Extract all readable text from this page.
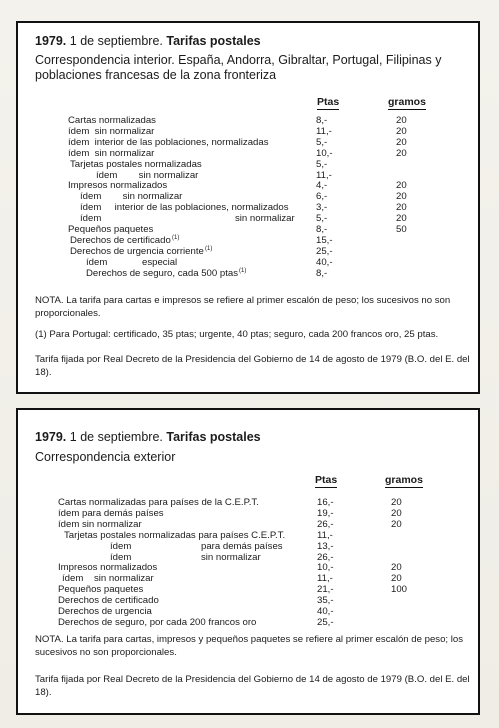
1979. 1 de septiembre. Tarifas postales
Correspondencia interior. España, Andorra, Gibraltar, Portugal, Filipinas y poblaciones francesas de la zona fronteriza
Ptas	gramos
Cartas normalizadas	8,-	20
ídem  sin normalizar	11,-	20
ídem  interior de las poblaciones, normalizadas	5,-	20
ídem  sin normalizar	10,-	20
Tarjetas postales normalizadas	5,-
ídem        sin normalizar	11,-
Impresos normalizados	4,-	20
ídem        sin normalizar	6,-	20
ídem     interior de las poblaciones, normalizados	3,-	20
ídem	sin normalizar 5,-	20
Pequeños paquetes	8,-	50
Derechos de certificado (1)	15,-
Derechos de urgencia corriente (1)	25,-
ídem             especial	40,-
Derechos de seguro, cada 500 ptas (1)	8,-
NOTA. La tarifa para cartas e impresos se refiere al primer escalón de peso; los sucesivos no son proporcionales.
(1) Para Portugal: certificado, 35 ptas; urgente, 40 ptas; seguro, cada 200 francos oro, 25 ptas.
Tarifa fijada por Real Decreto de la Presidencia del Gobierno de 14 de agosto de 1979 (B.O. del E. del 18).
1979. 1 de septiembre. Tarifas postales
Correspondencia exterior
Ptas	gramos
Cartas normalizadas para países de la C.E.P.T.	16,-	20
ídem para demás países	19,-	20
ídem sin normalizar	26,-	20
Tarjetas postales normalizadas para países C.E.P.T.	11,-
ídem	para demás países	13,-
ídem	sin normalizar	26,-
Impresos normalizados	10,-	20
ídem    sin normalizar	11,-	20
Pequeños paquetes	21,-	100
Derechos de certificado	35,-
Derechos de urgencia	40,-
Derechos de seguro, por cada 200 francos oro	25,-
NOTA. La tarifa para cartas, impresos y pequeños paquetes se refiere al primer escalón de peso; los sucesivos no son proporcionales.
Tarifa fijada por Real Decreto de la Presidencia del Gobierno de 14 de agosto de 1979 (B.O. del E. del 18).
